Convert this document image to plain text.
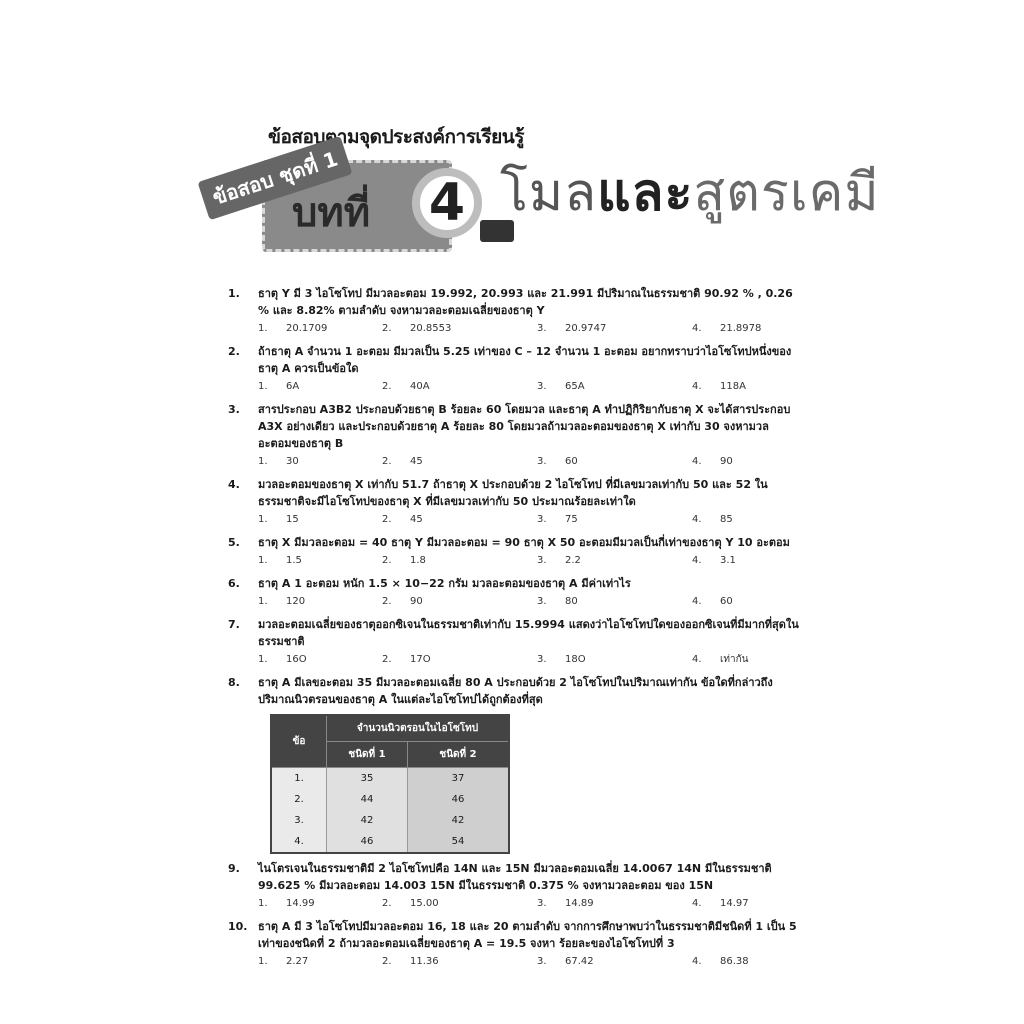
ข้อสอบตามจุดประสงค์การเรียนรู้
บทที่	4
ข้อสอบ ชุดที่ 1	โมลและสูตรเคมี
1. ธาตุ Y มี 3 ไอโซโทป มีมวลอะตอม 19.992, 20.993 และ 21.991 มีปริมาณในธรรมชาติ 90.92 % , 0.26 % และ 8.82% ตามลำดับ จงหามวลอะตอมเฉลี่ยของธาตุ Y
1. 20.1709	2. 20.8553	3. 20.9747	4. 21.8978
2. ถ้าธาตุ A จำนวน 1 อะตอม มีมวลเป็น 5.25 เท่าของ C – 12 จำนวน 1 อะตอม อยากทราบว่าไอโซโทปหนึ่งของธาตุ A ควรเป็นข้อใด
1. 6A	2. 40A	3. 65A	4. 118A
3. สารประกอบ A3B2 ประกอบด้วยธาตุ B ร้อยละ 60 โดยมวล และธาตุ A ทำปฏิกิริยากับธาตุ X จะได้สารประกอบ A3X อย่างเดียว และประกอบด้วยธาตุ A ร้อยละ 80 โดยมวลถ้ามวลอะตอมของธาตุ X เท่ากับ 30 จงหามวลอะตอมของธาตุ B
1. 30	2. 45	3. 60	4. 90
4. มวลอะตอมของธาตุ X เท่ากับ 51.7 ถ้าธาตุ X ประกอบด้วย 2 ไอโซโทป ที่มีเลขมวลเท่ากับ 50 และ 52 ในธรรมชาติจะมีไอโซโทปของธาตุ X ที่มีเลขมวลเท่ากับ 50 ประมาณร้อยละเท่าใด
1. 15	2. 45	3. 75	4. 85
5. ธาตุ X มีมวลอะตอม = 40 ธาตุ Y มีมวลอะตอม = 90 ธาตุ X 50 อะตอมมีมวลเป็นกี่เท่าของธาตุ Y 10 อะตอม
1. 1.5	2. 1.8	3. 2.2	4. 3.1
6. ธาตุ A 1 อะตอม หนัก 1.5 × 10−22 กรัม มวลอะตอมของธาตุ A มีค่าเท่าไร
1. 120	2. 90	3. 80	4. 60
7. มวลอะตอมเฉลี่ยของธาตุออกซิเจนในธรรมชาติเท่ากับ 15.9994 แสดงว่าไอโซโทปใดของออกซิเจนที่มีมากที่สุดในธรรมชาติ
1. 16O	2. 17O	3. 18O	4. เท่ากัน
8. ธาตุ A มีเลขอะตอม 35 มีมวลอะตอมเฉลี่ย 80 A ประกอบด้วย 2 ไอโซโทปในปริมาณเท่ากัน ข้อใดที่กล่าวถึงปริมาณนิวตรอนของธาตุ A ในแต่ละไอโซโทปได้ถูกต้องที่สุด
ข้อ	จำนวนนิวตรอนในไอโซโทป	
	ชนิดที่ 1	ชนิดที่ 2
1.	35	37
2.	44	46
3.	42	42
4.	46	54
9. ไนโตรเจนในธรรมชาติมี 2 ไอโซโทปคือ 14N และ 15N มีมวลอะตอมเฉลี่ย 14.0067 14N มีในธรรมชาติ 99.625 % มีมวลอะตอม 14.003 15N มีในธรรมชาติ 0.375 % จงหามวลอะตอม ของ 15N
1. 14.99	2. 15.00	3. 14.89	4. 14.97
10. ธาตุ A มี 3 ไอโซโทปมีมวลอะตอม 16, 18 และ 20 ตามลำดับ จากการศึกษาพบว่าในธรรมชาติมีชนิดที่ 1 เป็น 5 เท่าของชนิดที่ 2 ถ้ามวลอะตอมเฉลี่ยของธาตุ A = 19.5 จงหา ร้อยละของไอโซโทปที่ 3
1. 2.27	2. 11.36	3. 67.42	4. 86.38
